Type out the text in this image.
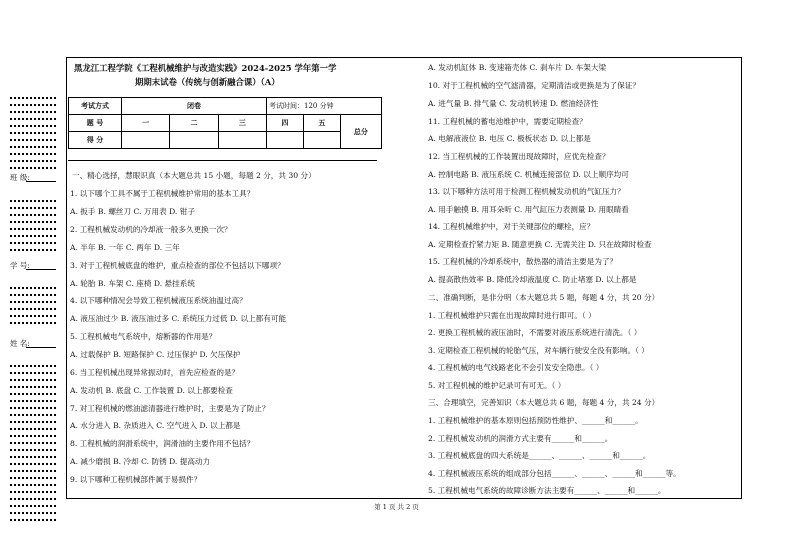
班 级:
学 号:
姓 名:
黑龙江工程学院《工程机械维护与改造实践》2024-2025 学年第一学
期期末试卷（传统与创新融合课）（A）
考试方式	闭卷			考试时间：120 分钟		
题 号	一	二	三	四	五	总分
得 分						
一、精心选择，慧眼识真（本大题总共 15 小题，每题 2 分，共 30 分）
1. 以下哪个工具不属于工程机械维护常用的基本工具？
A. 扳手 B. 螺丝刀 C. 万用表 D. 钳子
2. 工程机械发动机的冷却液一般多久更换一次？
A. 半年 B. 一年 C. 两年 D. 三年
3. 对于工程机械底盘的维护，重点检查的部位不包括以下哪项？
A. 轮胎 B. 车架 C. 座椅 D. 悬挂系统
4. 以下哪种情况会导致工程机械液压系统油温过高？
A. 液压油过少 B. 液压油过多 C. 系统压力过低 D. 以上都有可能
5. 工程机械电气系统中，熔断器的作用是？
A. 过载保护 B. 短路保护 C. 过压保护 D. 欠压保护
6. 当工程机械出现异常振动时，首先应检查的是？
A. 发动机 B. 底盘 C. 工作装置 D. 以上都要检查
7. 对工程机械的燃油滤清器进行维护时，主要是为了防止？
A. 水分进入 B. 杂质进入 C. 空气进入 D. 以上都是
8. 工程机械的润滑系统中，润滑油的主要作用不包括？
A. 减少磨损 B. 冷却 C. 防锈 D. 提高动力
9. 以下哪种工程机械部件属于易损件？
A. 发动机缸体 B. 变速箱壳体 C. 刹车片 D. 车架大梁
10. 对于工程机械的空气滤清器，定期清洁或更换是为了保证？
A. 进气量 B. 排气量 C. 发动机转速 D. 燃油经济性
11. 工程机械的蓄电池维护中，需要定期检查？
A. 电解液液位 B. 电压 C. 极板状态 D. 以上都是
12. 当工程机械的工作装置出现故障时，应优先检查？
A. 控制电路 B. 液压系统 C. 机械连接部位 D. 以上顺序均可
13. 以下哪种方法可用于检测工程机械发动机的气缸压力？
A. 用手触摸 B. 用耳朵听 C. 用气缸压力表测量 D. 用眼睛看
14. 工程机械维护中，对于关键部位的螺栓，应？
A. 定期检查拧紧力矩 B. 随意更换 C. 无需关注 D. 只在故障时检查
15. 工程机械的冷却系统中，散热器的清洁主要是为了？
A. 提高散热效率 B. 降低冷却液温度 C. 防止堵塞 D. 以上都是
二、准确判断，是非分明（本大题总共 5 题，每题 4 分，共 20 分）
1. 工程机械维护只需在出现故障时进行即可。（ ）
2. 更换工程机械的液压油时，不需要对液压系统进行清洗。（ ）
3. 定期检查工程机械的轮胎气压，对车辆行驶安全没有影响。（ ）
4. 工程机械的电气线路老化不会引发安全隐患。（ ）
5. 对工程机械的维护记录可有可无。（ ）
三、合理填空，完善知识（本大题总共 6 题，每题 4 分，共 24 分）
1. 工程机械维护的基本原则包括预防性维护、______和______。
2. 工程机械发动机的润滑方式主要有______和______。
3. 工程机械底盘的四大系统是______、______、______和______。
4. 工程机械液压系统的组成部分包括______、______、______和______等。
5. 工程机械电气系统的故障诊断方法主要有______、______和______。
第 1 页 共 2 页
